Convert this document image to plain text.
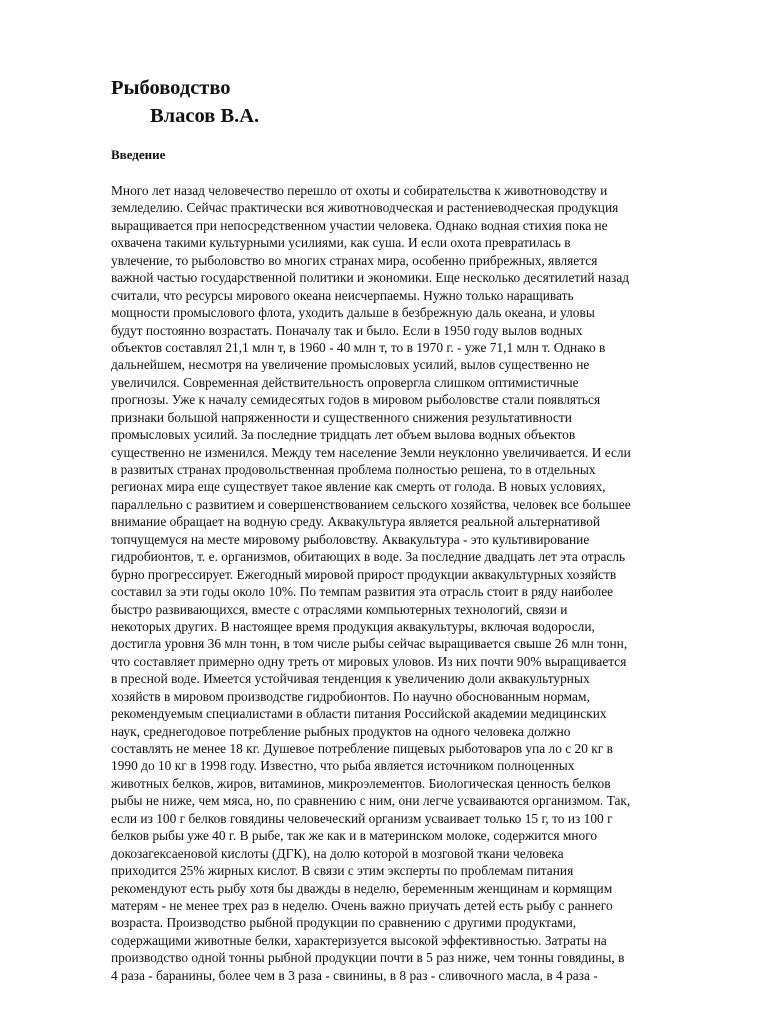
Рыбоводство
Власов В.А.
Введение
Много лет назад человечество перешло от охоты и собирательства к животноводству и
земледелию. Сейчас практически вся животноводческая и растениеводческая продукция
выращивается при непосредственном участии человека. Однако водная стихия пока не
охвачена такими культурными усилиями, как суша. И если охота превратилась в
увлечение, то рыболовство во многих странах мира, особенно прибрежных, является
важной частью государственной политики и экономики. Еще несколько десятилетий назад
считали, что ресурсы мирового океана неисчерпаемы. Нужно только наращивать
мощности промыслового флота, уходить дальше в безбрежную даль океана, и уловы
будут постоянно возрастать. Поначалу так и было. Если в 1950 году вылов водных
объектов составлял 21,1 млн т, в 1960 - 40 млн т, то в 1970 г. - уже 71,1 млн т. Однако в
дальнейшем, несмотря на увеличение промысловых усилий, вылов существенно не
увеличился. Современная действительность опровергла слишком оптимистичные
прогнозы. Уже к началу семидесятых годов в мировом рыболовстве стали появляться
признаки большой напряженности и существенного снижения результативности
промысловых усилий. За последние тридцать лет объем вылова водных объектов
существенно не изменился. Между тем население Земли неуклонно увеличивается. И если
в развитых странах продовольственная проблема полностью решена, то в отдельных
регионах мира еще существует такое явление как смерть от голода. В новых условиях,
параллельно с развитием и совершенствованием сельского хозяйства, человек все большее
внимание обращает на водную среду. Аквакультура является реальной альтернативой
топчущемуся на месте мировому рыболовству. Аквакультура - это культивирование
гидробионтов, т. е. организмов, обитающих в воде. За последние двадцать лет эта отрасль
бурно прогрессирует. Ежегодный мировой прирост продукции аквакультурных хозяйств
составил за эти годы около 10%. По темпам развития эта отрасль стоит в ряду наиболее
быстро развивающихся, вместе с отраслями компьютерных технологий, связи и
некоторых других. В настоящее время продукция аквакультуры, включая водоросли,
достигла уровня 36 млн тонн, в том числе рыбы сейчас выращивается свыше 26 млн тонн,
что составляет примерно одну треть от мировых уловов. Из них почти 90% выращивается
в пресной воде. Имеется устойчивая тенденция к увеличению доли аквакультурных
хозяйств в мировом производстве гидробионтов. По научно обоснованным нормам,
рекомендуемым специалистами в области питания Российской академии медицинских
наук, среднегодовое потребление рыбных продуктов на одного человека должно
составлять не менее 18 кг. Душевое потребление пищевых рыботоваров упа ло с 20 кг в
1990 до 10 кг в 1998 году. Известно, что рыба является источником полноценных
животных белков, жиров, витаминов, микроэлементов. Биологическая ценность белков
рыбы не ниже, чем мяса, но, по сравнению с ним, они легче усваиваются организмом. Так,
если из 100 г белков говядины человеческий организм усваивает только 15 г, то из 100 г
белков рыбы уже 40 г. В рыбе, так же как и в материнском молоке, содержится много
докозагексаеновой кислоты (ДГК), на долю которой в мозговой ткани человека
приходится 25% жирных кислот. В связи с этим эксперты по проблемам питания
рекомендуют есть рыбу хотя бы дважды в неделю, беременным женщинам и кормящим
матерям - не менее трех раз в неделю. Очень важно приучать детей есть рыбу с раннего
возраста. Производство рыбной продукции по сравнению с другими продуктами,
содержащими животные белки, характеризуется высокой эффективностью. Затраты на
производство одной тонны рыбной продукции почти в 5 раз ниже, чем тонны говядины, в
4 раза - баранины, более чем в 3 раза - свинины, в 8 раз - сливочного масла, в 4 раза -
